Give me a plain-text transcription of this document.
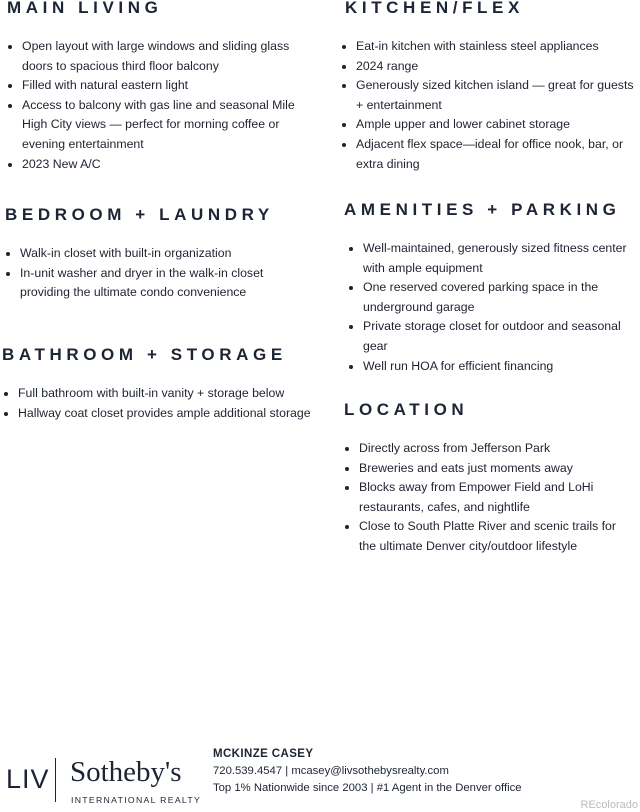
MAIN LIVING
Open layout with large windows and sliding glass doors to spacious third floor balcony
Filled with natural eastern light
Access to balcony with gas line and seasonal Mile High City views — perfect for morning coffee or evening entertainment
2023 New A/C
BEDROOM + LAUNDRY
Walk-in closet with built-in organization
In-unit washer and dryer in the walk-in closet providing the ultimate condo convenience
BATHROOM + STORAGE
Full bathroom with built-in vanity + storage below
Hallway coat closet provides ample additional storage
KITCHEN/FLEX
Eat-in kitchen with stainless steel appliances
2024 range
Generously sized kitchen island — great for guests + entertainment
Ample upper and lower cabinet storage
Adjacent flex space—ideal for office nook, bar, or extra dining
AMENITIES + PARKING
Well-maintained, generously sized fitness center with ample equipment
One reserved covered parking space in the underground garage
Private storage closet for outdoor and seasonal gear
Well run HOA for efficient financing
LOCATION
Directly across from Jefferson Park
Breweries and eats just moments away
Blocks away from Empower Field and LoHi restaurants, cafes, and nightlife
Close to South Platte River and scenic trails for the ultimate Denver city/outdoor lifestyle
LIV Sotheby's
INTERNATIONAL REALTY
MCKINZE CASEY
720.539.4547 | mcasey@livsothebysrealty.com
Top 1% Nationwide since 2003 | #1 Agent in the Denver office
REcolorado
